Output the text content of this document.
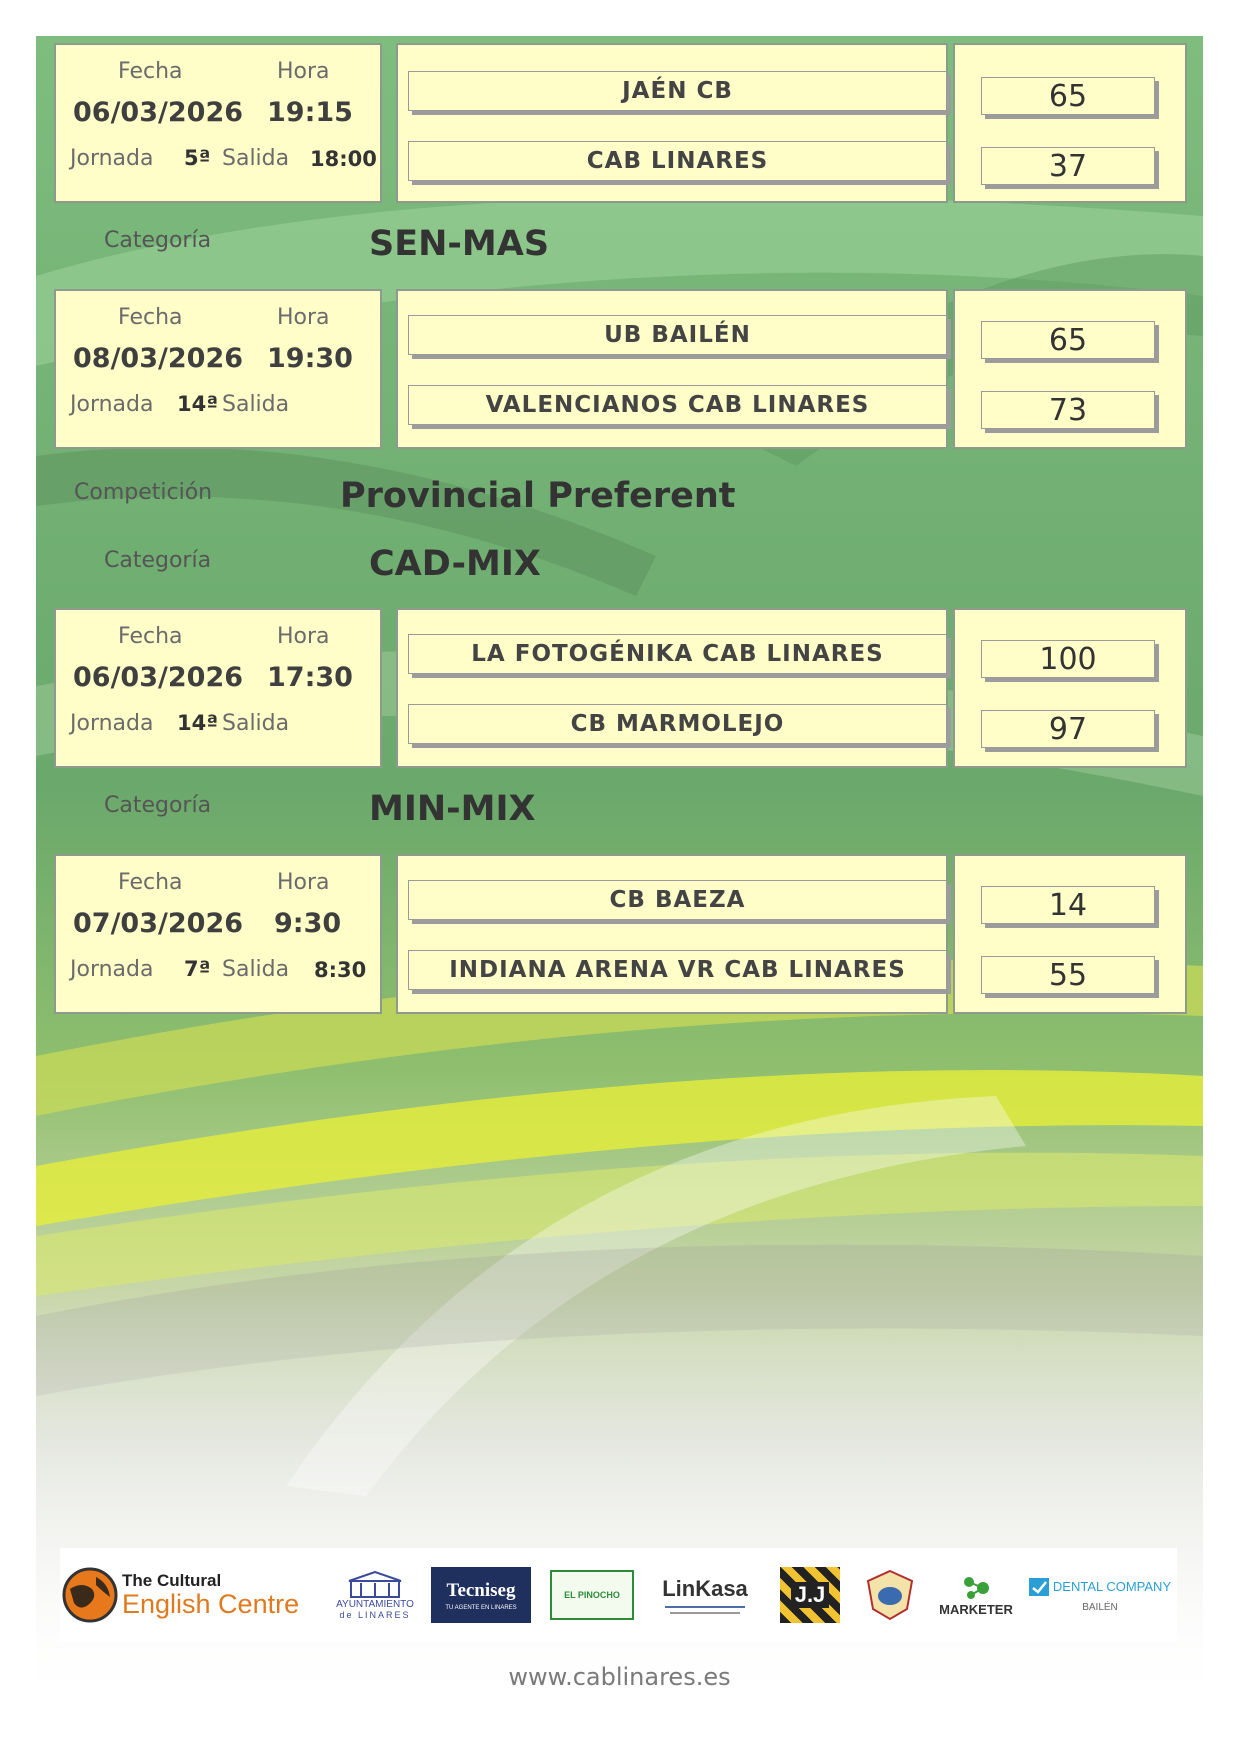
Fecha	Hora
06/03/2026 19:15
Jornada 5ª Salida 18:00
JAÉN CB
CAB LINARES
65
37
Categoría	SEN-MAS
Fecha	Hora
08/03/2026 19:30
Jornada 14ª Salida
UB BAILÉN
VALENCIANOS CAB LINARES
65
73
Competición	Provincial Preferent
Categoría	CAD-MIX
Fecha	Hora
06/03/2026 17:30
Jornada 14ª Salida
LA FOTOGÉNIKA CAB LINARES
CB MARMOLEJO
100
97
Categoría	MIN-MIX
Fecha	Hora
07/03/2026 9:30
Jornada 7ª Salida 8:30
CB BAEZA
INDIANA ARENA VR CAB LINARES
14
55
The Cultural
English Centre	AYUNTAMIENTO
de LINARES
Tecniseg
TU AGENTE EN LINARES
EL PINOCHO LinKasa J.J
MARKETER
DENTAL COMPANY
BAILÉN
www.cablinares.es
